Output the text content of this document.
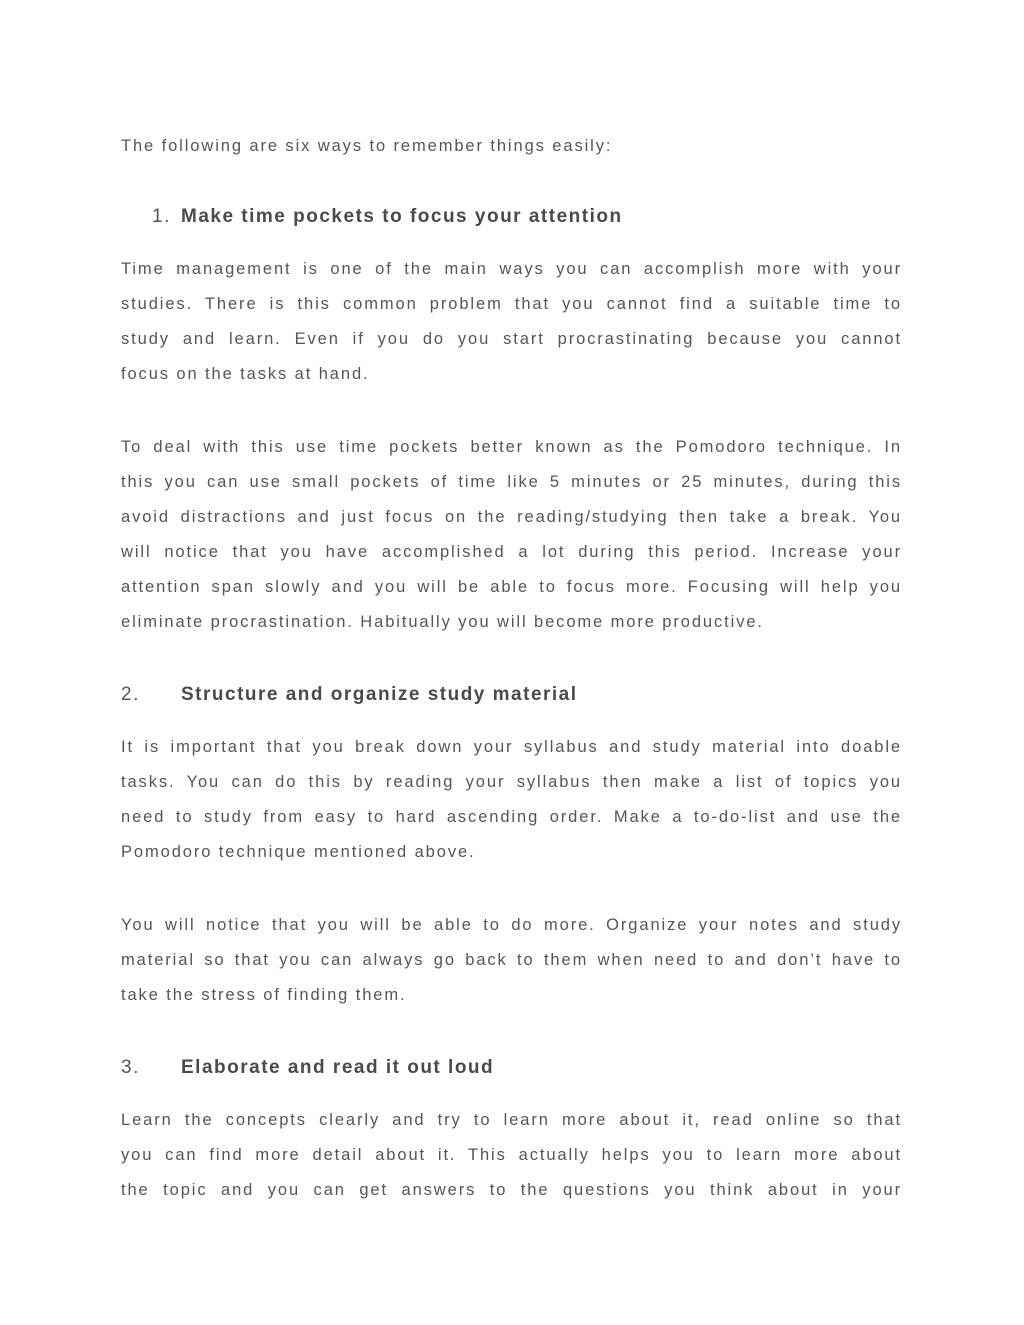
The following are six ways to remember things easily:
1. Make time pockets to focus your attention

Time management is one of the main ways you can accomplish more with your
studies. There is this common problem that you cannot find a suitable time to
study and learn. Even if you do you start procrastinating because you cannot
focus on the tasks at hand.

To deal with this use time pockets better known as the Pomodoro technique. In
this you can use small pockets of time like 5 minutes or 25 minutes, during this
avoid distractions and just focus on the reading/studying then take a break. You
will notice that you have accomplished a lot during this period. Increase your
attention span slowly and you will be able to focus more. Focusing will help you
eliminate procrastination. Habitually you will become more productive.

2. Structure and organize study material

It is important that you break down your syllabus and study material into doable
tasks. You can do this by reading your syllabus then make a list of topics you
need to study from easy to hard ascending order. Make a to-do-list and use the
Pomodoro technique mentioned above.

You will notice that you will be able to do more. Organize your notes and study
material so that you can always go back to them when need to and don’t have to
take the stress of finding them.

3. Elaborate and read it out loud

Learn the concepts clearly and try to learn more about it, read online so that
you can find more detail about it. This actually helps you to learn more about
the topic and you can get answers to the questions you think about in your
